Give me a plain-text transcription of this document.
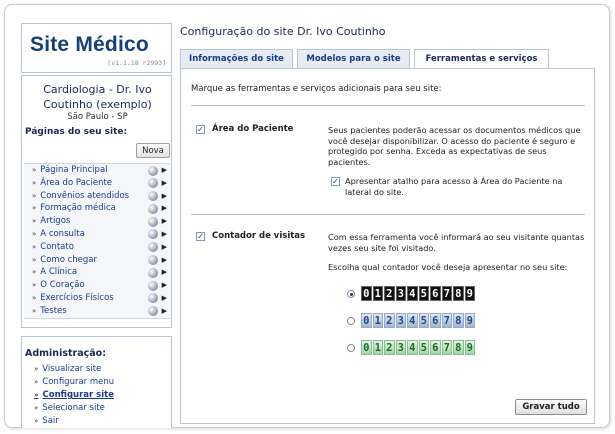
Site Médico
[v1.1.18 r2993]
Cardiologia - Dr. Ivo Coutinho (exemplo)
São Paulo - SP
Páginas do seu site:
Nova
» Página Principal	▶
» Área do Paciente	▶
» Convênios atendidos	▶
» Formação médica	▶
» Artigos	▶
» A consulta	▶
» Contato	▶
» Como chegar	▶
» A Clínica	▶
» O Coração	▶
» Exercícios Físicos	▶
» Testes	▶
Administração:
» Visualizar site
» Configurar menu
» Configurar site
» Selecionar site
» Sair
Configuração do site Dr. Ivo Coutinho
Informações do site	Modelos para o site	Ferramentas e serviços
Marque as ferramentas e serviços adicionais para seu site:
✓ Área do Paciente	Seus pacientes poderão acessar os documentos médicos que você desejar disponibilizar. O acesso do paciente é seguro e protegido por senha. Exceda as expectativas de seus pacientes.
✓ Apresentar atalho para acesso à Área do Paciente na lateral do site.
✓ Contador de visitas	Com essa ferramenta você informará ao seu visitante quantas vezes seu site foi visitado.
Escolha qual contador você deseja apresentar no seu site:
0 1 2 3 4 5 6 7 8 9
0 1 2 3 4 5 6 7 8 9
0 1 2 3 4 5 6 7 8 9
Gravar tudo
